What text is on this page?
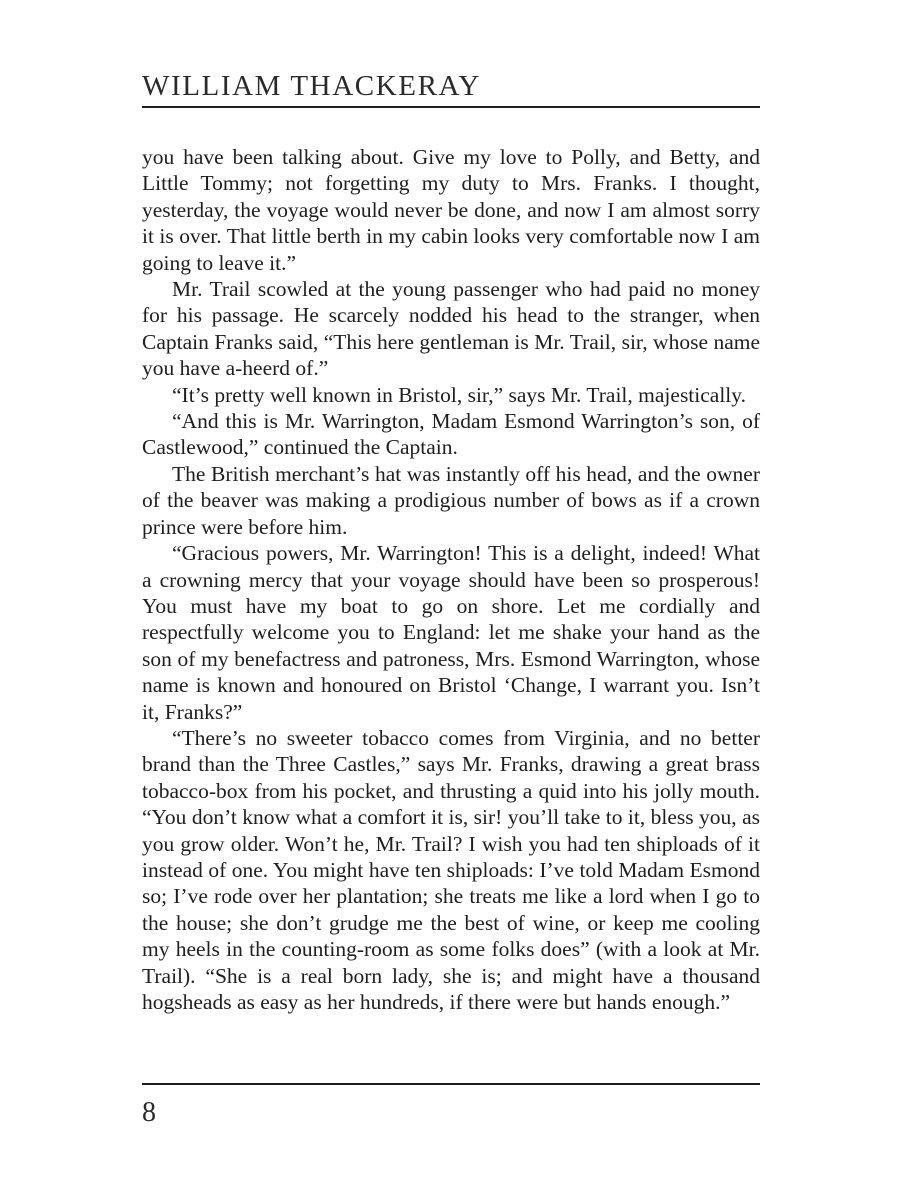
WILLIAM THACKERAY

you have been talking about. Give my love to Polly, and Betty, and Little Tommy; not forgetting my duty to Mrs. Franks. I thought, yesterday, the voyage would never be done, and now I am almost sorry it is over. That little berth in my cabin looks very comfortable now I am going to leave it.”

Mr. Trail scowled at the young passenger who had paid no money for his passage. He scarcely nodded his head to the stranger, when Captain Franks said, “This here gentleman is Mr. Trail, sir, whose name you have a-heerd of.”

“It’s pretty well known in Bristol, sir,” says Mr. Trail, majestically.

“And this is Mr. Warrington, Madam Esmond Warrington’s son, of Castlewood,” continued the Captain.

The British merchant’s hat was instantly off his head, and the owner of the beaver was making a prodigious number of bows as if a crown prince were before him.

“Gracious powers, Mr. Warrington! This is a delight, indeed! What a crowning mercy that your voyage should have been so prosperous! You must have my boat to go on shore. Let me cordially and respectfully welcome you to England: let me shake your hand as the son of my benefactress and patroness, Mrs. Esmond Warrington, whose name is known and honoured on Bristol ‘Change, I warrant you. Isn’t it, Franks?”

“There’s no sweeter tobacco comes from Virginia, and no better brand than the Three Castles,” says Mr. Franks, drawing a great brass tobacco-box from his pocket, and thrusting a quid into his jolly mouth. “You don’t know what a comfort it is, sir! you’ll take to it, bless you, as you grow older. Won’t he, Mr. Trail? I wish you had ten shiploads of it instead of one. You might have ten shiploads: I’ve told Madam Esmond so; I’ve rode over her plantation; she treats me like a lord when I go to the house; she don’t grudge me the best of wine, or keep me cooling my heels in the counting-room as some folks does” (with a look at Mr. Trail). “She is a real born lady, she is; and might have a thousand hogsheads as easy as her hundreds, if there were but hands enough.”

8
